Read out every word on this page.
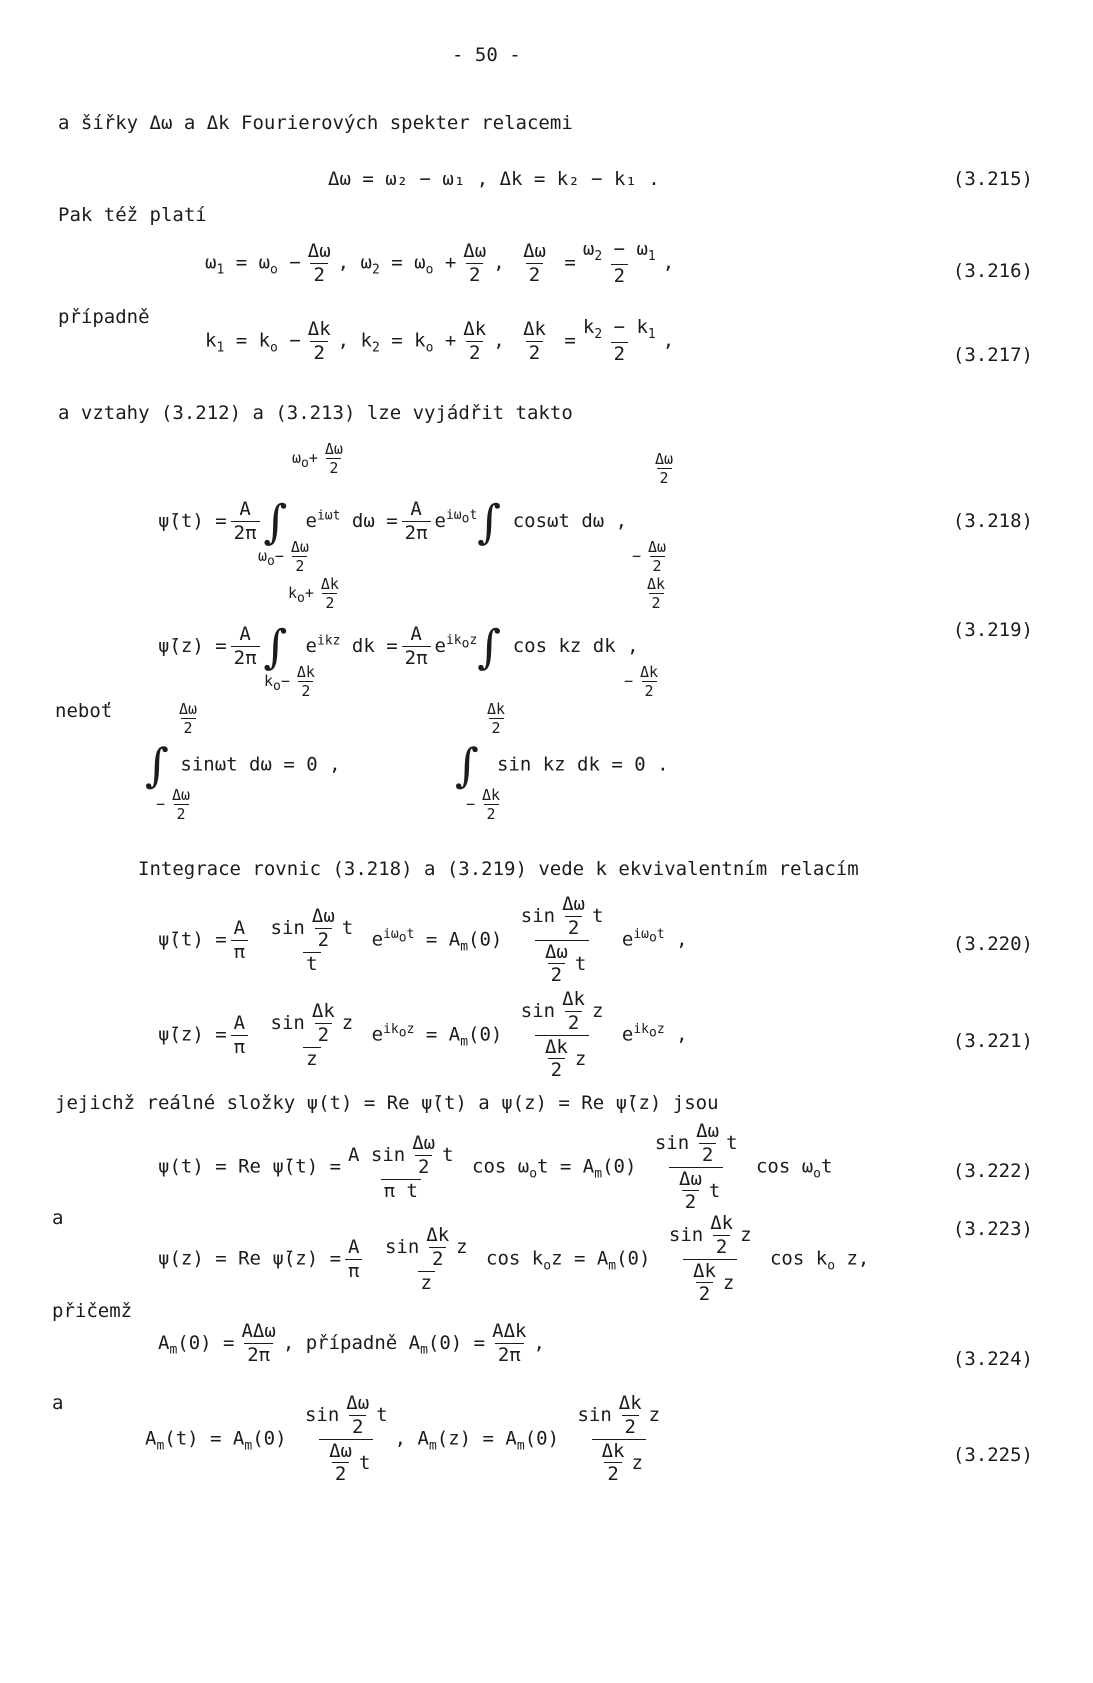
- 50 -
a šířky Δω a Δk Fourierových spekter relacemi
Δω = ω₂ − ω₁ , Δk = k₂ − k₁ .	(3.215)
Pak též platí
$\omega_1 = \omega_o - \frac{\Delta\omega}{2}$ , $\omega_2 = \omega_o + \frac{\Delta\omega}{2}$ , $\frac{\Delta\omega}{2} = \frac{\omega_2 - \omega_1}{2}$ ,	(3.216)
případně
$k_1 = k_o - \frac{\Delta k}{2}$ , $k_2 = k_o + \frac{\Delta k}{2}$ , $\frac{\Delta k}{2} = \frac{k_2 - k_1}{2}$ ,
(3.217)
a vztahy (3.212) a (3.213) lze vyjádřit takto
$\omega_o+ \frac{\Delta\omega}{2}$
ψ̄(t) = $\frac{A}{2\pi}$ ∫ $e^{i\omega t}$ $d\omega = \frac{A}{2\pi} e^{i\omega_ot}\int$ cosωt dω ,
$\omega_o- \frac{\Delta\omega}{2}$
$\frac{\Delta\omega}{2}$
− $\frac{\Delta\omega}{2}$
(3.218)
$k_o+ \frac{\Delta k}{2}$
ψ̄(z) = $\frac{A}{2\pi}$ ∫ $e^{ikz}$ dk = $\frac{A}{2\pi} e^{ik_oz}\int$ cos kz dk ,
$k_o- \frac{\Delta k}{2}$
$\frac{\Delta k}{2}$
− $\frac{\Delta k}{2}$
(3.219)
neboť	$\frac{\Delta\omega}{2}$
∫ sinωt dω = 0 ,
− $\frac{\Delta\omega}{2}$
$\frac{\Delta k}{2}$
∫ sin kz dk = 0 .
− $\frac{\Delta k}{2}$
Integrace rovnic (3.218) a (3.219) vede k ekvivalentním relacím
ψ̄(t) = $\frac{A}{\pi}$
$\frac{\sin \frac{\Delta\omega}{2} t}{t} e^{i\omega_ot} = A_m(0) \frac{\sin \frac{\Delta\omega}{2} t}{\frac{\Delta\omega}{2} t} e^{i\omega_ot}$ ,	(3.220)
ψ̄(z) = $\frac{A}{\pi}$
$\frac{\sin \frac{\Delta k}{2} z}{z} e^{ik_oz} = A_m(0) \frac{\sin \frac{\Delta k}{2} z}{\frac{\Delta k}{2} z} e^{ik_oz}$ ,	(3.221)
jejichž reálné složky ψ(t) = Re ψ̄(t) a ψ(z) = Re ψ̄(z) jsou
ψ(t) = Re ψ̄(t) = $\frac{A \sin \frac{\Delta\omega}{2} t}{\text{π t}}$ $\cos \omega_ot = A_m(0) \frac{\sin \frac{\Delta\omega}{2} t}{\frac{\Delta\omega}{2} t}$ $\cos \omega_ot$	(3.222)
a
ψ(z) = Re ψ̄(z) = $\frac{A}{\pi}$
$\frac{\sin \frac{\Delta k}{2} z}{z}$ $\cos k_oz = A_m(0) \frac{\sin \frac{\Delta k}{2} z}{\frac{\Delta k}{2} z}$ $\cos k_o$ z,
(3.223)
přičemž
$A_m(0) = \frac{\text{AΔω}}{2\pi}$ , případně $A_m(0) = \frac{\text{AΔk}}{2\pi}$ ,
(3.224)
a
$A_m(t) = A_m(0) \frac{\sin \frac{\Delta\omega}{2} t}{\frac{\Delta\omega}{2} t}$ , $A_m(z) = A_m(0) \frac{\sin \frac{\Delta k}{2} z}{\frac{\Delta k}{2} z}$	(3.225)
